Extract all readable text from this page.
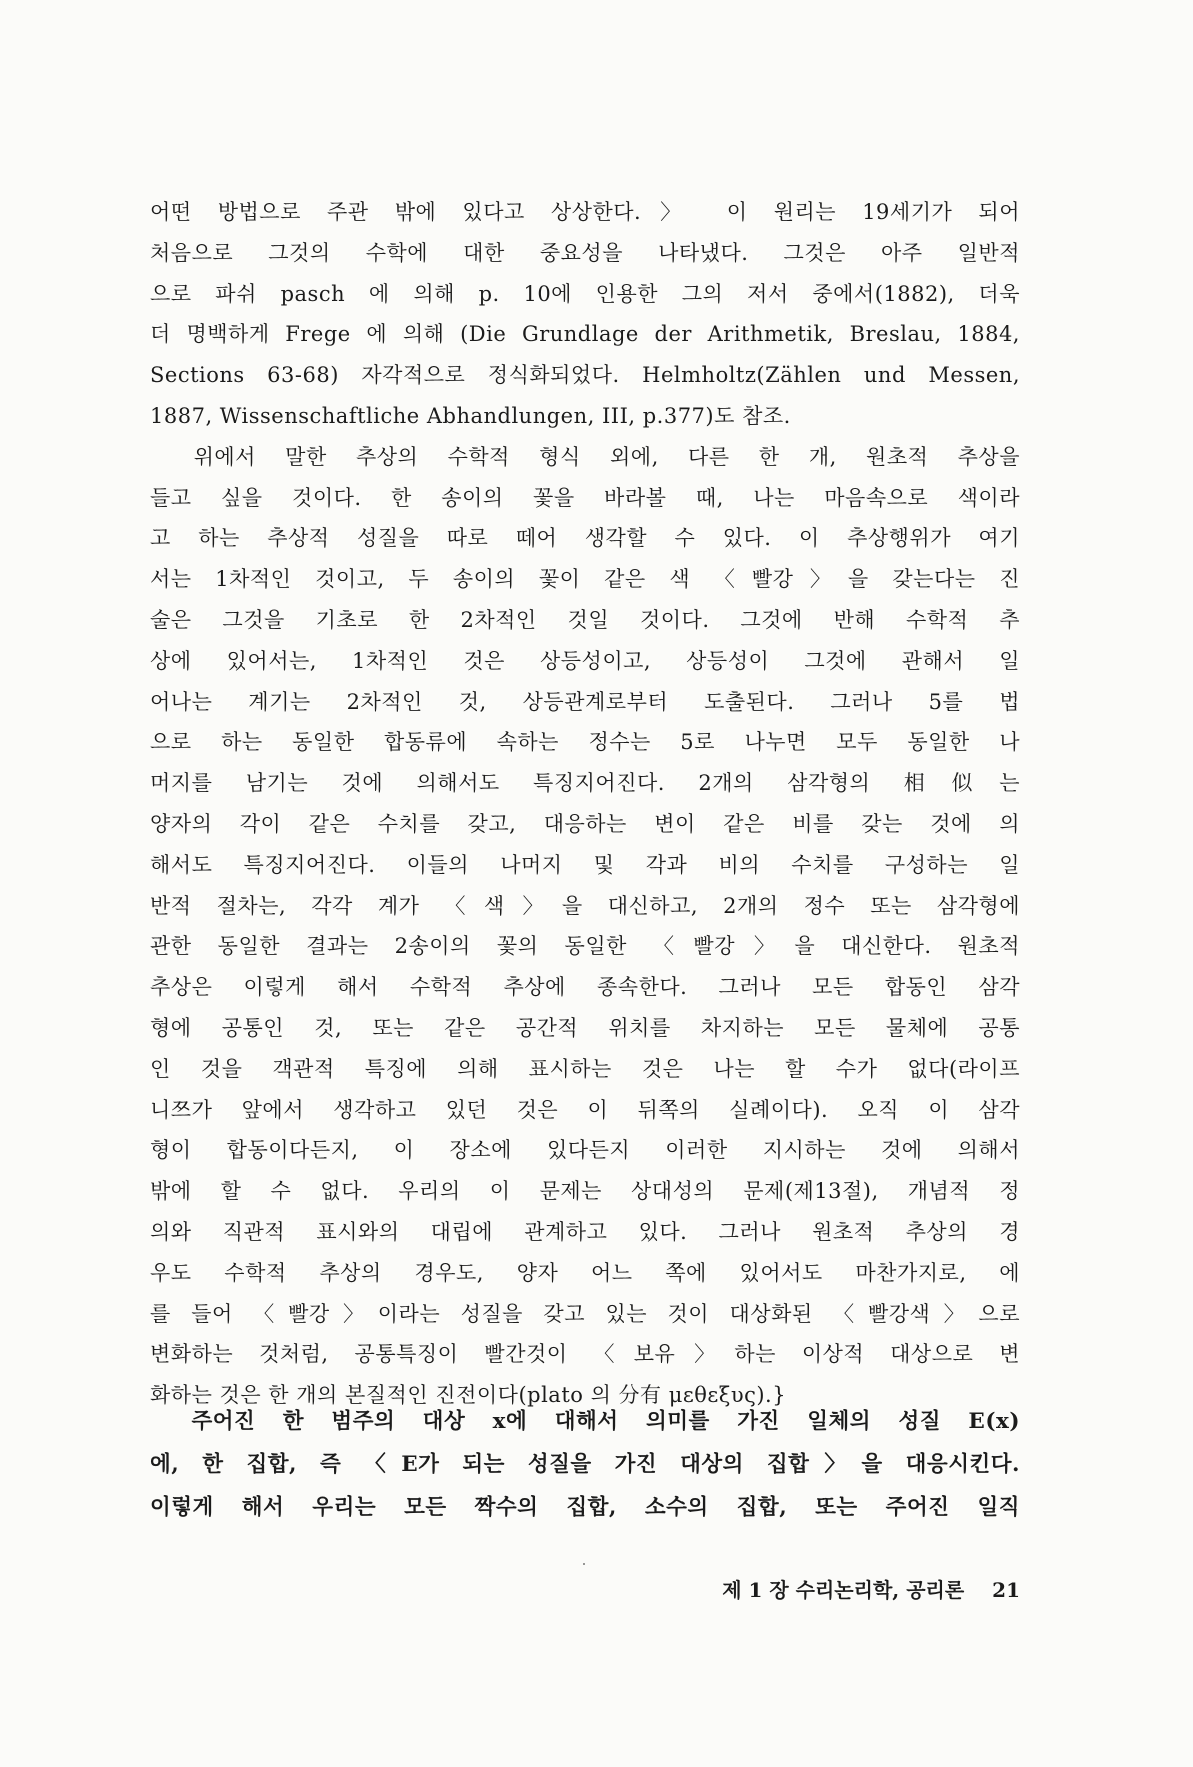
어떤 방법으로 주관 밖에 있다고 상상한다.〉 이 원리는 19세기가 되어
처음으로 그것의 수학에 대한 중요성을 나타냈다. 그것은 아주 일반적
으로 파쉬 pasch 에 의해 p. 10에 인용한 그의 저서 중에서(1882), 더욱
더 명백하게 Frege 에 의해 (Die Grundlage der Arithmetik, Breslau, 1884,
Sections 63-68) 자각적으로 정식화되었다. Helmholtz(Zählen und Messen,
1887, Wissenschaftliche Abhandlungen, III, p.377)도 참조.
　위에서 말한 추상의 수학적 형식 외에, 다른 한 개, 원초적 추상을
들고 싶을 것이다. 한 송이의 꽃을 바라볼 때, 나는 마음속으로 색이라
고 하는 추상적 성질을 따로 떼어 생각할 수 있다. 이 추상행위가 여기
서는 1차적인 것이고, 두 송이의 꽃이 같은 색 〈빨강〉을 갖는다는 진
술은 그것을 기초로 한 2차적인 것일 것이다. 그것에 반해 수학적 추
상에 있어서는, 1차적인 것은 상등성이고, 상등성이 그것에 관해서 일
어나는 계기는 2차적인 것, 상등관계로부터 도출된다. 그러나 5를 법
으로 하는 동일한 합동류에 속하는 정수는 5로 나누면 모두 동일한 나
머지를 남기는 것에 의해서도 특징지어진다. 2개의 삼각형의 相似는
양자의 각이 같은 수치를 갖고, 대응하는 변이 같은 비를 갖는 것에 의
해서도 특징지어진다. 이들의 나머지 및 각과 비의 수치를 구성하는 일
반적 절차는, 각각 계가 〈색〉을 대신하고, 2개의 정수 또는 삼각형에
관한 동일한 결과는 2송이의 꽃의 동일한 〈빨강〉을 대신한다. 원초적
추상은 이렇게 해서 수학적 추상에 종속한다. 그러나 모든 합동인 삼각
형에 공통인 것, 또는 같은 공간적 위치를 차지하는 모든 물체에 공통
인 것을 객관적 특징에 의해 표시하는 것은 나는 할 수가 없다(라이프
니쯔가 앞에서 생각하고 있던 것은 이 뒤쪽의 실례이다). 오직 이 삼각
형이 합동이다든지, 이 장소에 있다든지 이러한 지시하는 것에 의해서
밖에 할 수 없다. 우리의 이 문제는 상대성의 문제(제13절), 개념적 정
의와 직관적 표시와의 대립에 관계하고 있다. 그러나 원초적 추상의 경
우도 수학적 추상의 경우도, 양자 어느 쪽에 있어서도 마찬가지로, 에
를 들어 〈빨강〉이라는 성질을 갖고 있는 것이 대상화된 〈빨강색〉으로
변화하는 것처럼, 공통특징이 빨간것이 〈보유〉하는 이상적 대상으로 변
화하는 것은 한 개의 본질적인 진전이다(plato 의 分有 μεθεξυς).}
　주어진 한 범주의 대상 x에 대해서 의미를 가진 일체의 성질 E(x)
에, 한 집합, 즉 〈E가 되는 성질을 가진 대상의 집합〉을 대응시킨다.
이렇게 해서 우리는 모든 짝수의 집합, 소수의 집합, 또는 주어진 일직
제 1 장 수리논리학, 공리론 21
